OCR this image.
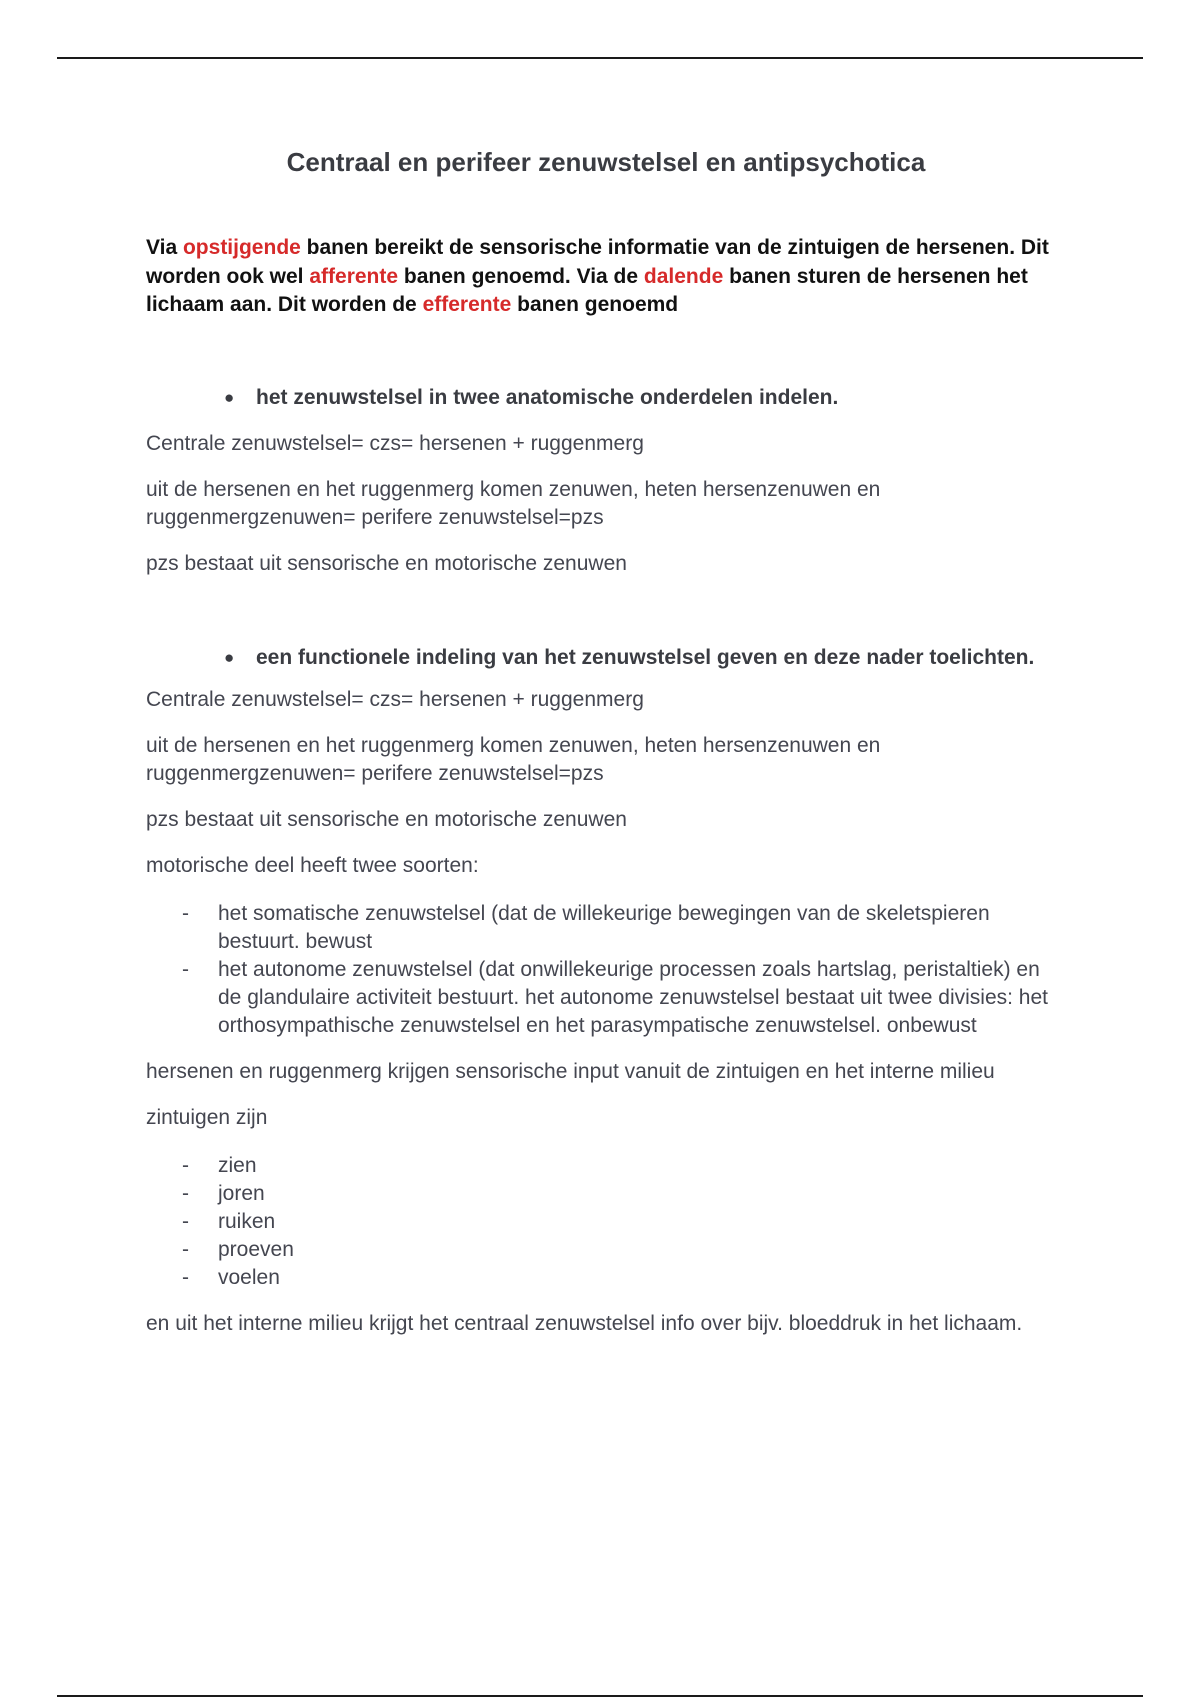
Centraal en perifeer zenuwstelsel en antipsychotica
Via opstijgende banen bereikt de sensorische informatie van de zintuigen de hersenen. Dit worden ook wel afferente banen genoemd. Via de dalende banen sturen de hersenen het lichaam aan. Dit worden de efferente banen genoemd
● het zenuwstelsel in twee anatomische onderdelen indelen.

Centrale zenuwstelsel= czs= hersenen + ruggenmerg

uit de hersenen en het ruggenmerg komen zenuwen, heten hersenzenuwen en ruggenmergzenuwen= perifere zenuwstelsel=pzs

pzs bestaat uit sensorische en motorische zenuwen

● een functionele indeling van het zenuwstelsel geven en deze nader toelichten.

Centrale zenuwstelsel= czs= hersenen + ruggenmerg

uit de hersenen en het ruggenmerg komen zenuwen, heten hersenzenuwen en ruggenmergzenuwen= perifere zenuwstelsel=pzs

pzs bestaat uit sensorische en motorische zenuwen

motorische deel heeft twee soorten:

- het somatische zenuwstelsel (dat de willekeurige bewegingen van de skeletspieren bestuurt. bewust
- het autonome zenuwstelsel (dat onwillekeurige processen zoals hartslag, peristaltiek) en de glandulaire activiteit bestuurt. het autonome zenuwstelsel bestaat uit twee divisies: het orthosympathische zenuwstelsel en het parasympatische zenuwstelsel. onbewust

hersenen en ruggenmerg krijgen sensorische input vanuit de zintuigen en het interne milieu

zintuigen zijn

- zien
- joren
- ruiken
- proeven
- voelen

en uit het interne milieu krijgt het centraal zenuwstelsel info over bijv. bloeddruk in het lichaam.
